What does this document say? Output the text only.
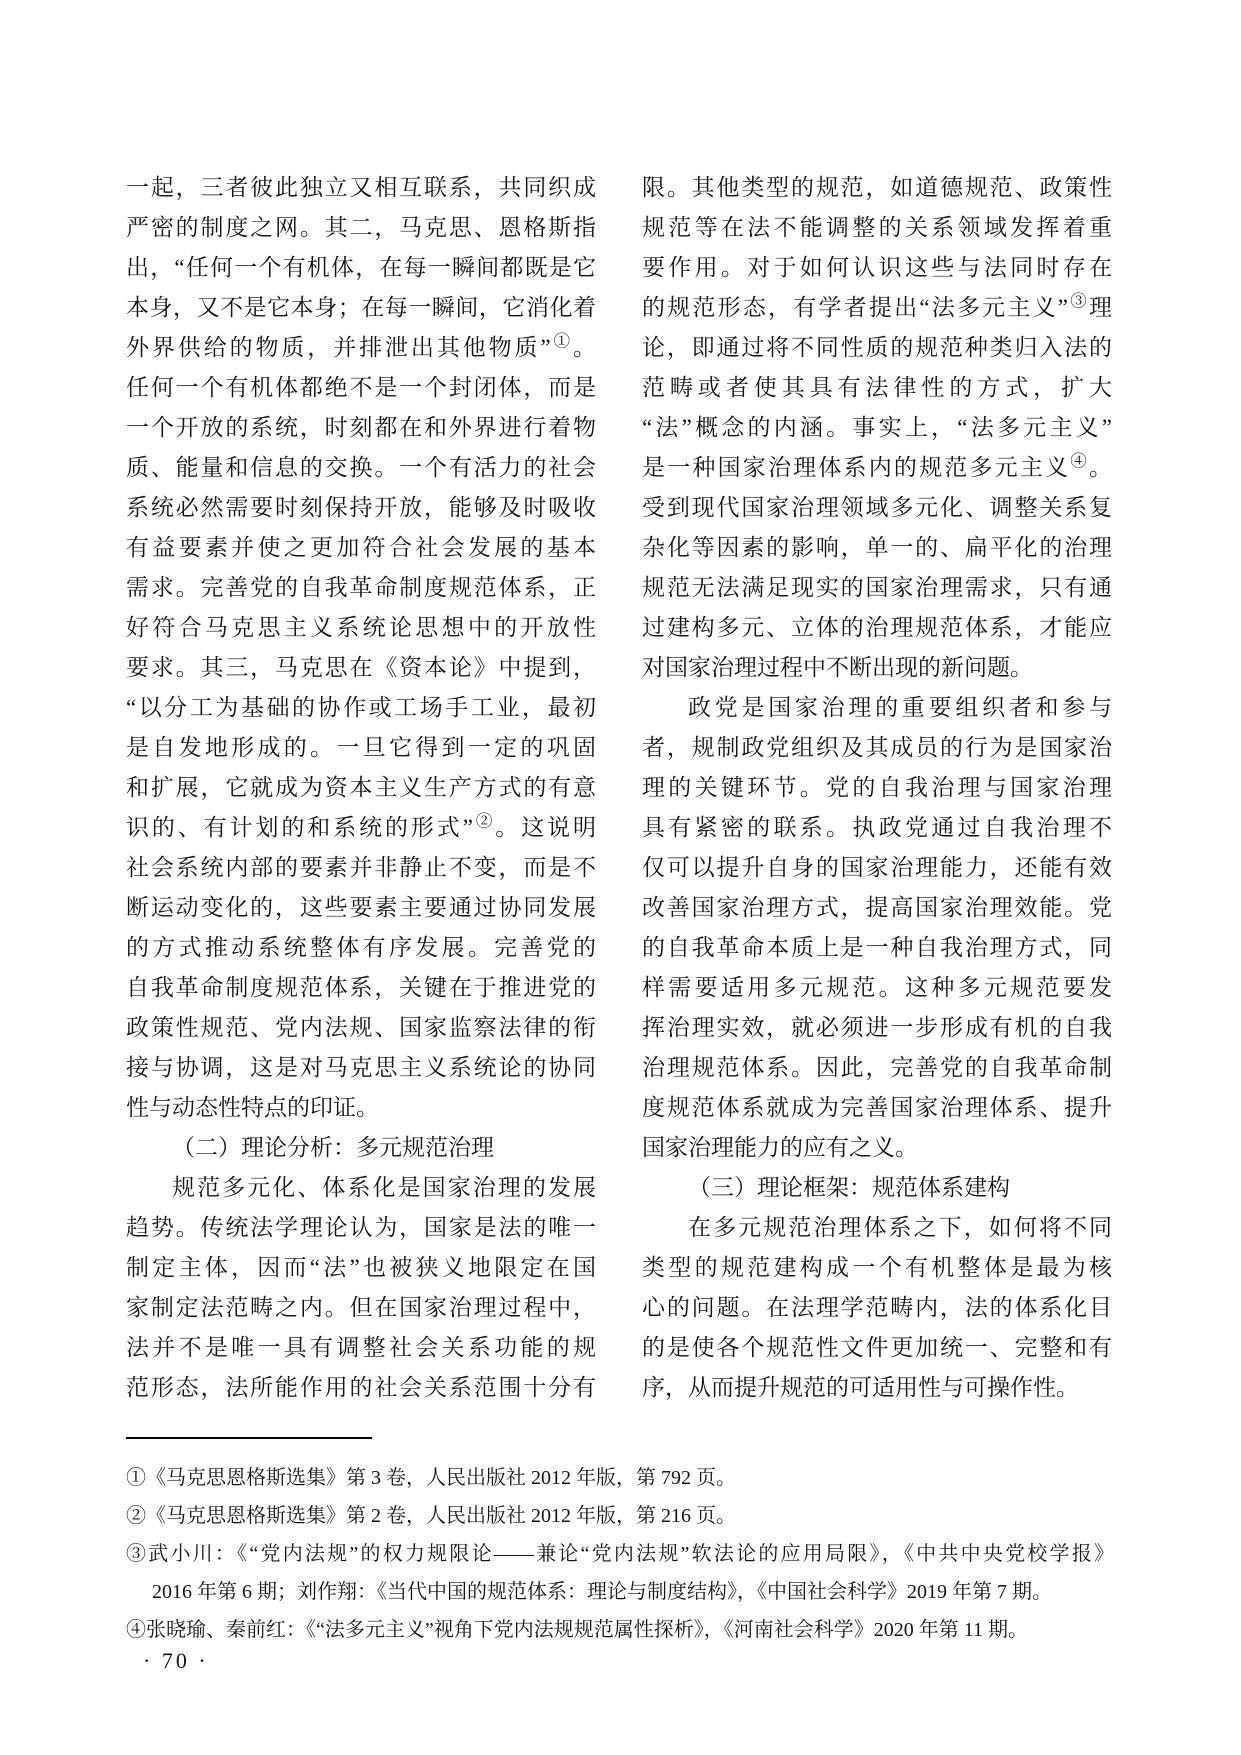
一起，三者彼此独立又相互联系，共同织成
严密的制度之网。其二，马克思、恩格斯指
出，“任何一个有机体，在每一瞬间都既是它
本身，又不是它本身；在每一瞬间，它消化着
外界供给的物质，并排泄出其他物质”①。
任何一个有机体都绝不是一个封闭体，而是
一个开放的系统，时刻都在和外界进行着物
质、能量和信息的交换。一个有活力的社会
系统必然需要时刻保持开放，能够及时吸收
有益要素并使之更加符合社会发展的基本
需求。完善党的自我革命制度规范体系，正
好符合马克思主义系统论思想中的开放性
要求。其三，马克思在《资本论》中提到，
“以分工为基础的协作或工场手工业，最初
是自发地形成的。一旦它得到一定的巩固
和扩展，它就成为资本主义生产方式的有意
识的、有计划的和系统的形式”②。这说明
社会系统内部的要素并非静止不变，而是不
断运动变化的，这些要素主要通过协同发展
的方式推动系统整体有序发展。完善党的
自我革命制度规范体系，关键在于推进党的
政策性规范、党内法规、国家监察法律的衔
接与协调，这是对马克思主义系统论的协同
性与动态性特点的印证。
（二）理论分析：多元规范治理
规范多元化、体系化是国家治理的发展
趋势。传统法学理论认为，国家是法的唯一
制定主体，因而“法”也被狭义地限定在国
家制定法范畴之内。但在国家治理过程中，
法并不是唯一具有调整社会关系功能的规
范形态，法所能作用的社会关系范围十分有
限。其他类型的规范，如道德规范、政策性
规范等在法不能调整的关系领域发挥着重
要作用。对于如何认识这些与法同时存在
的规范形态，有学者提出“法多元主义”③理
论，即通过将不同性质的规范种类归入法的
范畴或者使其具有法律性的方式，扩大
“法”概念的内涵。事实上，“法多元主义”
是一种国家治理体系内的规范多元主义④。
受到现代国家治理领域多元化、调整关系复
杂化等因素的影响，单一的、扁平化的治理
规范无法满足现实的国家治理需求，只有通
过建构多元、立体的治理规范体系，才能应
对国家治理过程中不断出现的新问题。
政党是国家治理的重要组织者和参与
者，规制政党组织及其成员的行为是国家治
理的关键环节。党的自我治理与国家治理
具有紧密的联系。执政党通过自我治理不
仅可以提升自身的国家治理能力，还能有效
改善国家治理方式，提高国家治理效能。党
的自我革命本质上是一种自我治理方式，同
样需要适用多元规范。这种多元规范要发
挥治理实效，就必须进一步形成有机的自我
治理规范体系。因此，完善党的自我革命制
度规范体系就成为完善国家治理体系、提升
国家治理能力的应有之义。
（三）理论框架：规范体系建构
在多元规范治理体系之下，如何将不同
类型的规范建构成一个有机整体是最为核
心的问题。在法理学范畴内，法的体系化目
的是使各个规范性文件更加统一、完整和有
序，从而提升规范的可适用性与可操作性。
①《马克思恩格斯选集》第 3 卷，人民出版社 2012 年版，第 792 页。
②《马克思恩格斯选集》第 2 卷，人民出版社 2012 年版，第 216 页。
③武小川：《“党内法规”的权力规限论——兼论“党内法规”软法论的应用局限》，《中共中央党校学报》
2016 年第 6 期；刘作翔：《当代中国的规范体系：理论与制度结构》，《中国社会科学》2019 年第 7 期。
④张晓瑜、秦前红：《“法多元主义”视角下党内法规规范属性探析》，《河南社会科学》2020 年第 11 期。
· 70 ·
